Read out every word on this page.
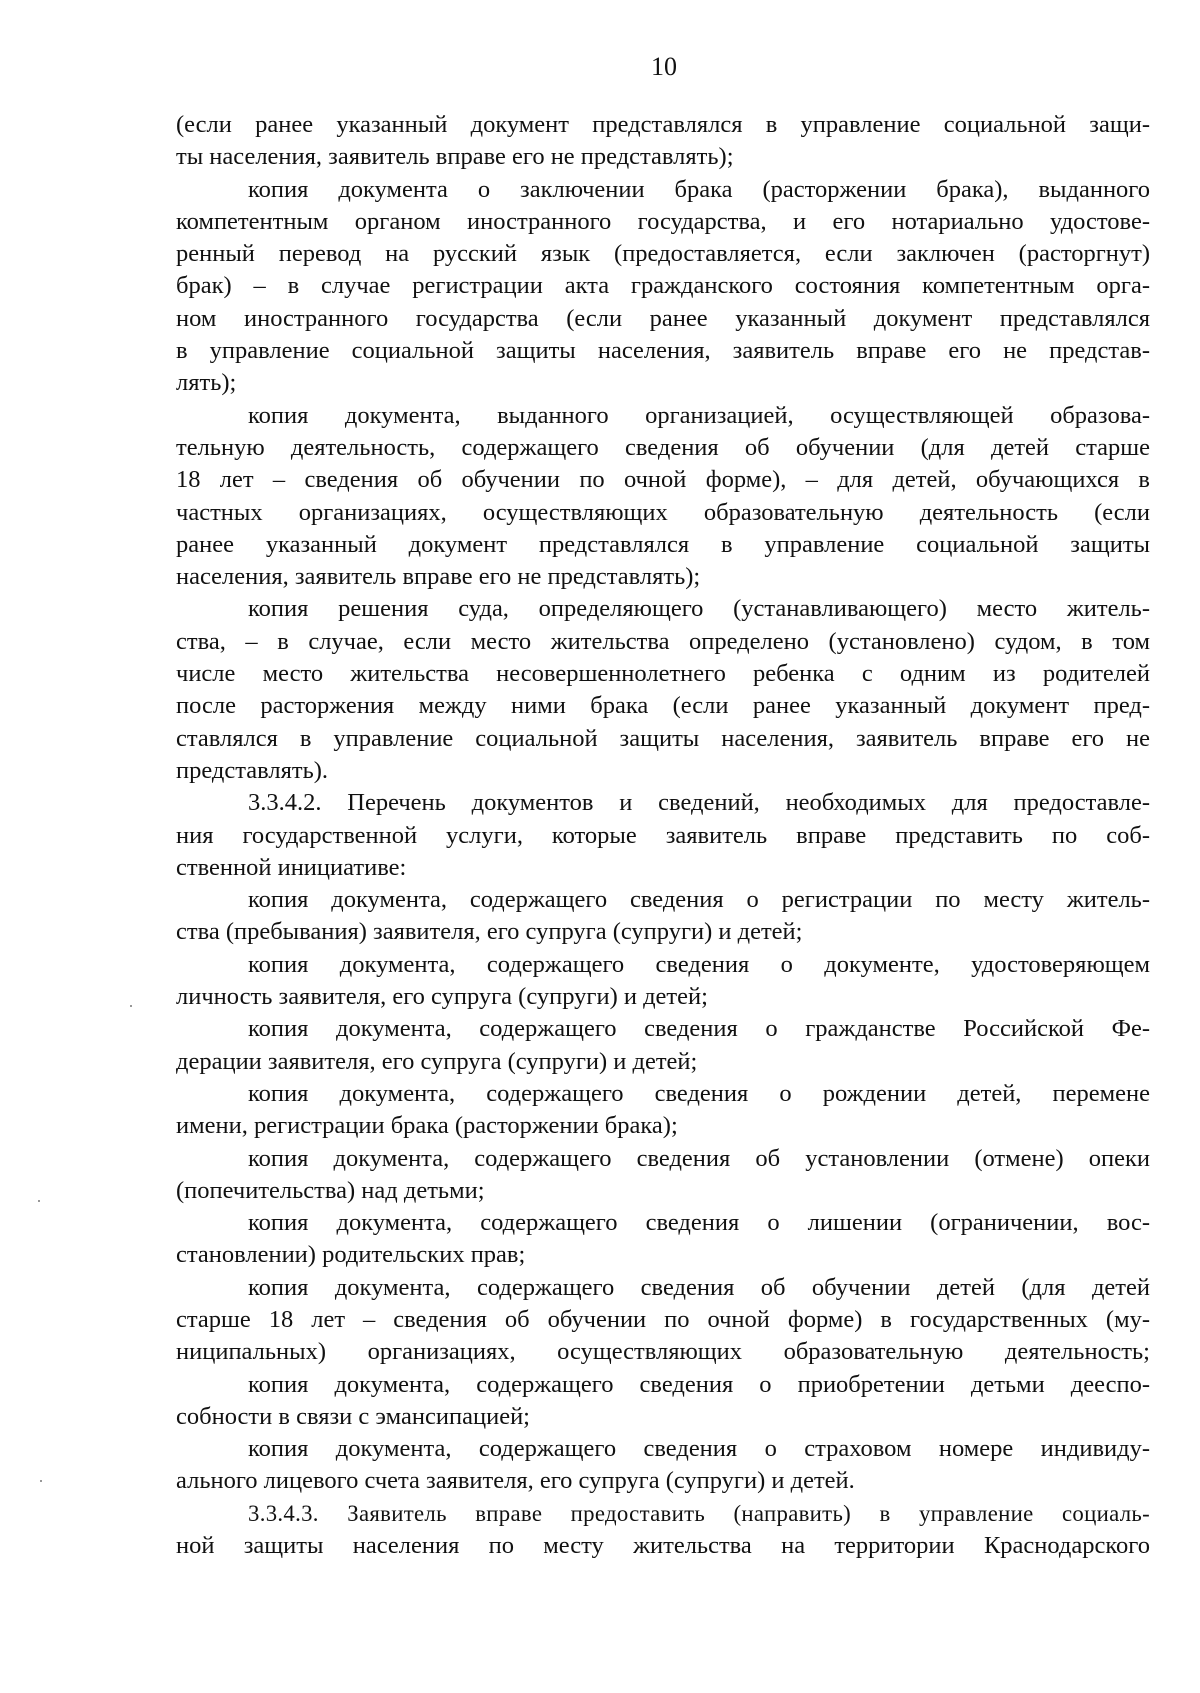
10
(если ранее указанный документ представлялся в управление социальной защи-
ты населения, заявитель вправе его не представлять);
копия документа о заключении брака (расторжении брака), выданного
компетентным органом иностранного государства, и его нотариально удостове-
ренный перевод на русский язык (предоставляется, если заключен (расторгнут)
брак) – в случае регистрации акта гражданского состояния компетентным орга-
ном иностранного государства (если ранее указанный документ представлялся
в управление социальной защиты населения, заявитель вправе его не представ-
лять);
копия документа, выданного организацией, осуществляющей образова-
тельную деятельность, содержащего сведения об обучении (для детей старше
18 лет – сведения об обучении по очной форме), – для детей, обучающихся в
частных организациях, осуществляющих образовательную деятельность (если
ранее указанный документ представлялся в управление социальной защиты
населения, заявитель вправе его не представлять);
копия решения суда, определяющего (устанавливающего) место житель-
ства, – в случае, если место жительства определено (установлено) судом, в том
числе место жительства несовершеннолетнего ребенка с одним из родителей
после расторжения между ними брака (если ранее указанный документ пред-
ставлялся в управление социальной защиты населения, заявитель вправе его не
представлять).
3.3.4.2. Перечень документов и сведений, необходимых для предоставле-
ния государственной услуги, которые заявитель вправе представить по соб-
ственной инициативе:
копия документа, содержащего сведения о регистрации по месту житель-
ства (пребывания) заявителя, его супруга (супруги) и детей;
копия документа, содержащего сведения о документе, удостоверяющем
личность заявителя, его супруга (супруги) и детей;
копия документа, содержащего сведения о гражданстве Российской Фе-
дерации заявителя, его супруга (супруги) и детей;
копия документа, содержащего сведения о рождении детей, перемене
имени, регистрации брака (расторжении брака);
копия документа, содержащего сведения об установлении (отмене) опеки
(попечительства) над детьми;
копия документа, содержащего сведения о лишении (ограничении, вос-
становлении) родительских прав;
копия документа, содержащего сведения об обучении детей (для детей
старше 18 лет – сведения об обучении по очной форме) в государственных (му-
ниципальных) организациях, осуществляющих образовательную деятельность;
копия документа, содержащего сведения о приобретении детьми дееспо-
собности в связи с эмансипацией;
копия документа, содержащего сведения о страховом номере индивиду-
ального лицевого счета заявителя, его супруга (супруги) и детей.
3.3.4.3. Заявитель вправе предоставить (направить) в управление социаль-
ной защиты населения по месту жительства на территории Краснодарского
